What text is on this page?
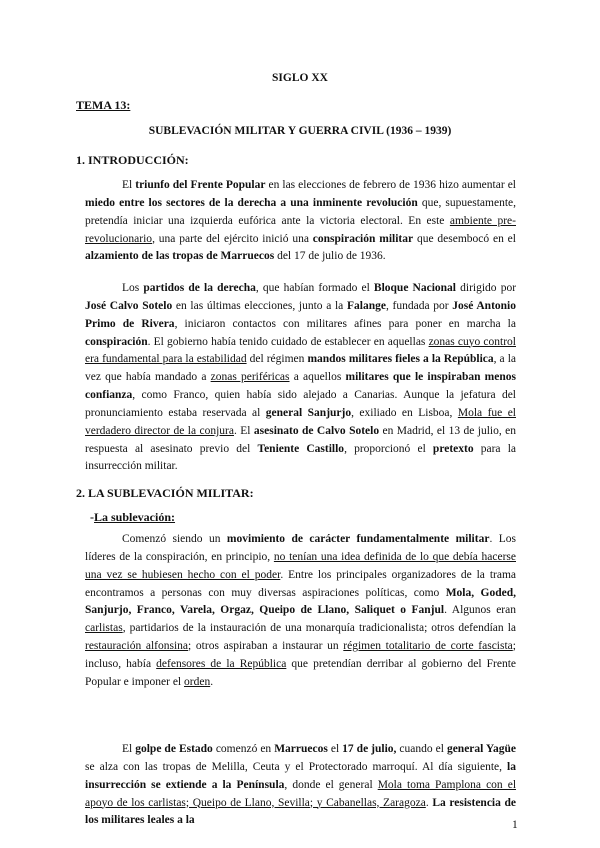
SIGLO XX
TEMA 13:
SUBLEVACIÓN MILITAR Y GUERRA CIVIL (1936 – 1939)
1. INTRODUCCIÓN:

El triunfo del Frente Popular en las elecciones de febrero de 1936 hizo aumentar el miedo entre los sectores de la derecha a una inminente revolución que, supuestamente, pretendía iniciar una izquierda eufórica ante la victoria electoral. En este ambiente pre-revolucionario, una parte del ejército inició una conspiración militar que desembocó en el alzamiento de las tropas de Marruecos del 17 de julio de 1936.

Los partidos de la derecha, que habían formado el Bloque Nacional dirigido por José Calvo Sotelo en las últimas elecciones, junto a la Falange, fundada por José Antonio Primo de Rivera, iniciaron contactos con militares afines para poner en marcha la conspiración. El gobierno había tenido cuidado de establecer en aquellas zonas cuyo control era fundamental para la estabilidad del régimen mandos militares fieles a la República, a la vez que había mandado a zonas periféricas a aquellos militares que le inspiraban menos confianza, como Franco, quien había sido alejado a Canarias. Aunque la jefatura del pronunciamiento estaba reservada al general Sanjurjo, exiliado en Lisboa, Mola fue el verdadero director de la conjura. El asesinato de Calvo Sotelo en Madrid, el 13 de julio, en respuesta al asesinato previo del Teniente Castillo, proporcionó el pretexto para la insurrección militar.

2. LA SUBLEVACIÓN MILITAR:
-La sublevación:

Comenzó siendo un movimiento de carácter fundamentalmente militar. Los líderes de la conspiración, en principio, no tenían una idea definida de lo que debía hacerse una vez se hubiesen hecho con el poder. Entre los principales organizadores de la trama encontramos a personas con muy diversas aspiraciones políticas, como Mola, Goded, Sanjurjo, Franco, Varela, Orgaz, Queipo de Llano, Saliquet o Fanjul. Algunos eran carlistas, partidarios de la instauración de una monarquía tradicionalista; otros defendían la restauración alfonsina; otros aspiraban a instaurar un régimen totalitario de corte fascista; incluso, había defensores de la República que pretendían derribar al gobierno del Frente Popular e imponer el orden.

El golpe de Estado comenzó en Marruecos el 17 de julio, cuando el general Yagüe se alza con las tropas de Melilla, Ceuta y el Protectorado marroquí. Al día siguiente, la insurrección se extiende a la Península, donde el general Mola toma Pamplona con el apoyo de los carlistas; Queipo de Llano, Sevilla; y Cabanellas, Zaragoza. La resistencia de los militares leales a la	1
